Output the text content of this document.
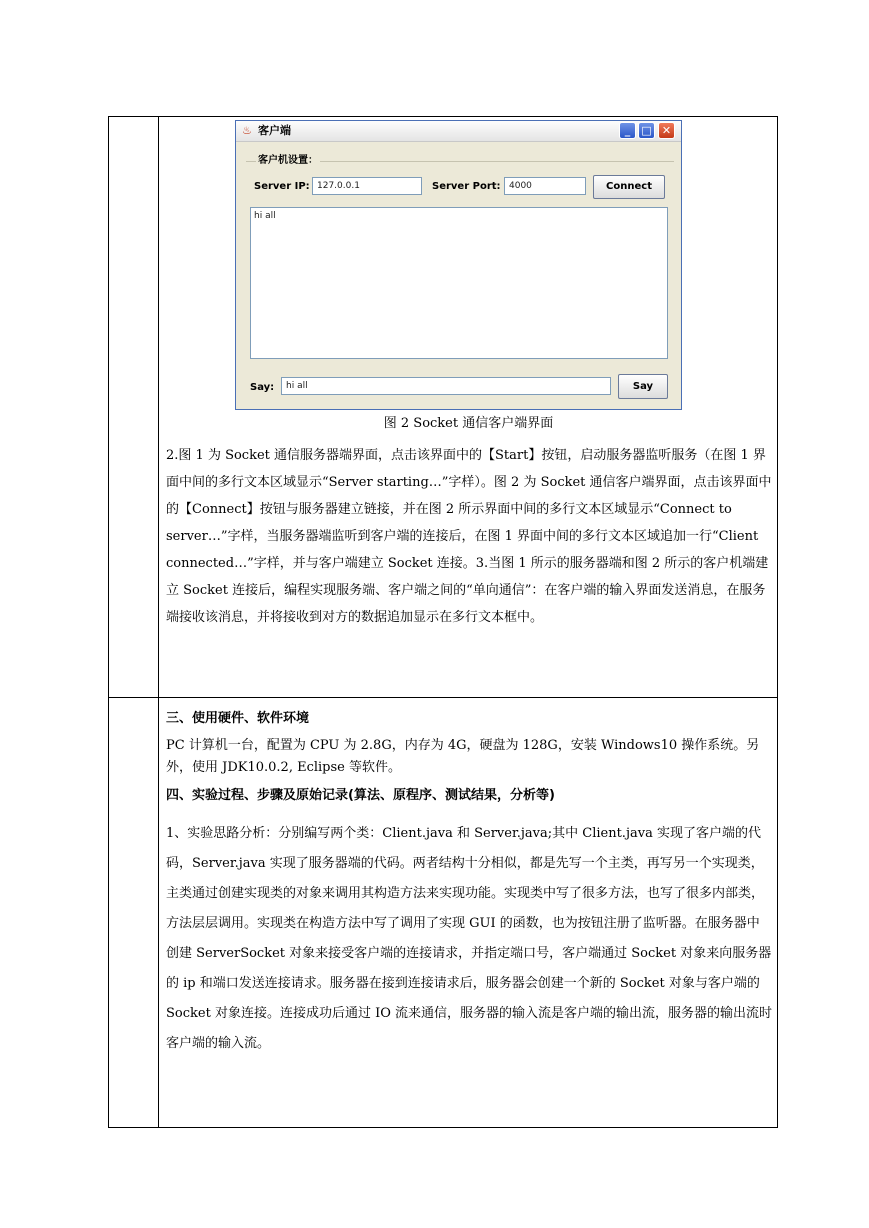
♨ 客户端	_	□ ✕
客户机设置：
Server IP: 127.0.0.1	Server Port: 4000	Connect
hi all
Say:	hi all	Say
图 2 Socket 通信客户端界面

2.图 1 为 Socket 通信服务器端界面，点击该界面中的【Start】按钮，启动服务器监听服务（在图 1 界面中间的多行文本区域显示“Server starting…”字样）。图 2 为 Socket 通信客户端界面，点击该界面中的【Connect】按钮与服务器建立链接，并在图 2 所示界面中间的多行文本区域显示“Connect to server…”字样，当服务器端监听到客户端的连接后，在图 1 界面中间的多行文本区域追加一行“Client connected…”字样，并与客户端建立 Socket 连接。3.当图 1 所示的服务器端和图 2 所示的客户机端建立 Socket 连接后，编程实现服务端、客户端之间的“单向通信”：在客户端的输入界面发送消息，在服务端接收该消息，并将接收到对方的数据追加显示在多行文本框中。

三、使用硬件、软件环境

PC 计算机一台，配置为 CPU 为 2.8G，内存为 4G，硬盘为 128G，安装 Windows10 操作系统。另外，使用 JDK10.0.2, Eclipse 等软件。

四、实验过程、步骤及原始记录(算法、原程序、测试结果，分析等)

1、实验思路分析：分别编写两个类：Client.java 和 Server.java;其中 Client.java 实现了客户端的代码，Server.java 实现了服务器端的代码。两者结构十分相似，都是先写一个主类，再写另一个实现类，主类通过创建实现类的对象来调用其构造方法来实现功能。实现类中写了很多方法，也写了很多内部类，方法层层调用。实现类在构造方法中写了调用了实现 GUI 的函数，也为按钮注册了监听器。在服务器中创建 ServerSocket 对象来接受客户端的连接请求，并指定端口号，客户端通过 Socket 对象来向服务器的 ip 和端口发送连接请求。服务器在接到连接请求后，服务器会创建一个新的 Socket 对象与客户端的 Socket 对象连接。连接成功后通过 IO 流来通信，服务器的输入流是客户端的输出流，服务器的输出流时客户端的输入流。
